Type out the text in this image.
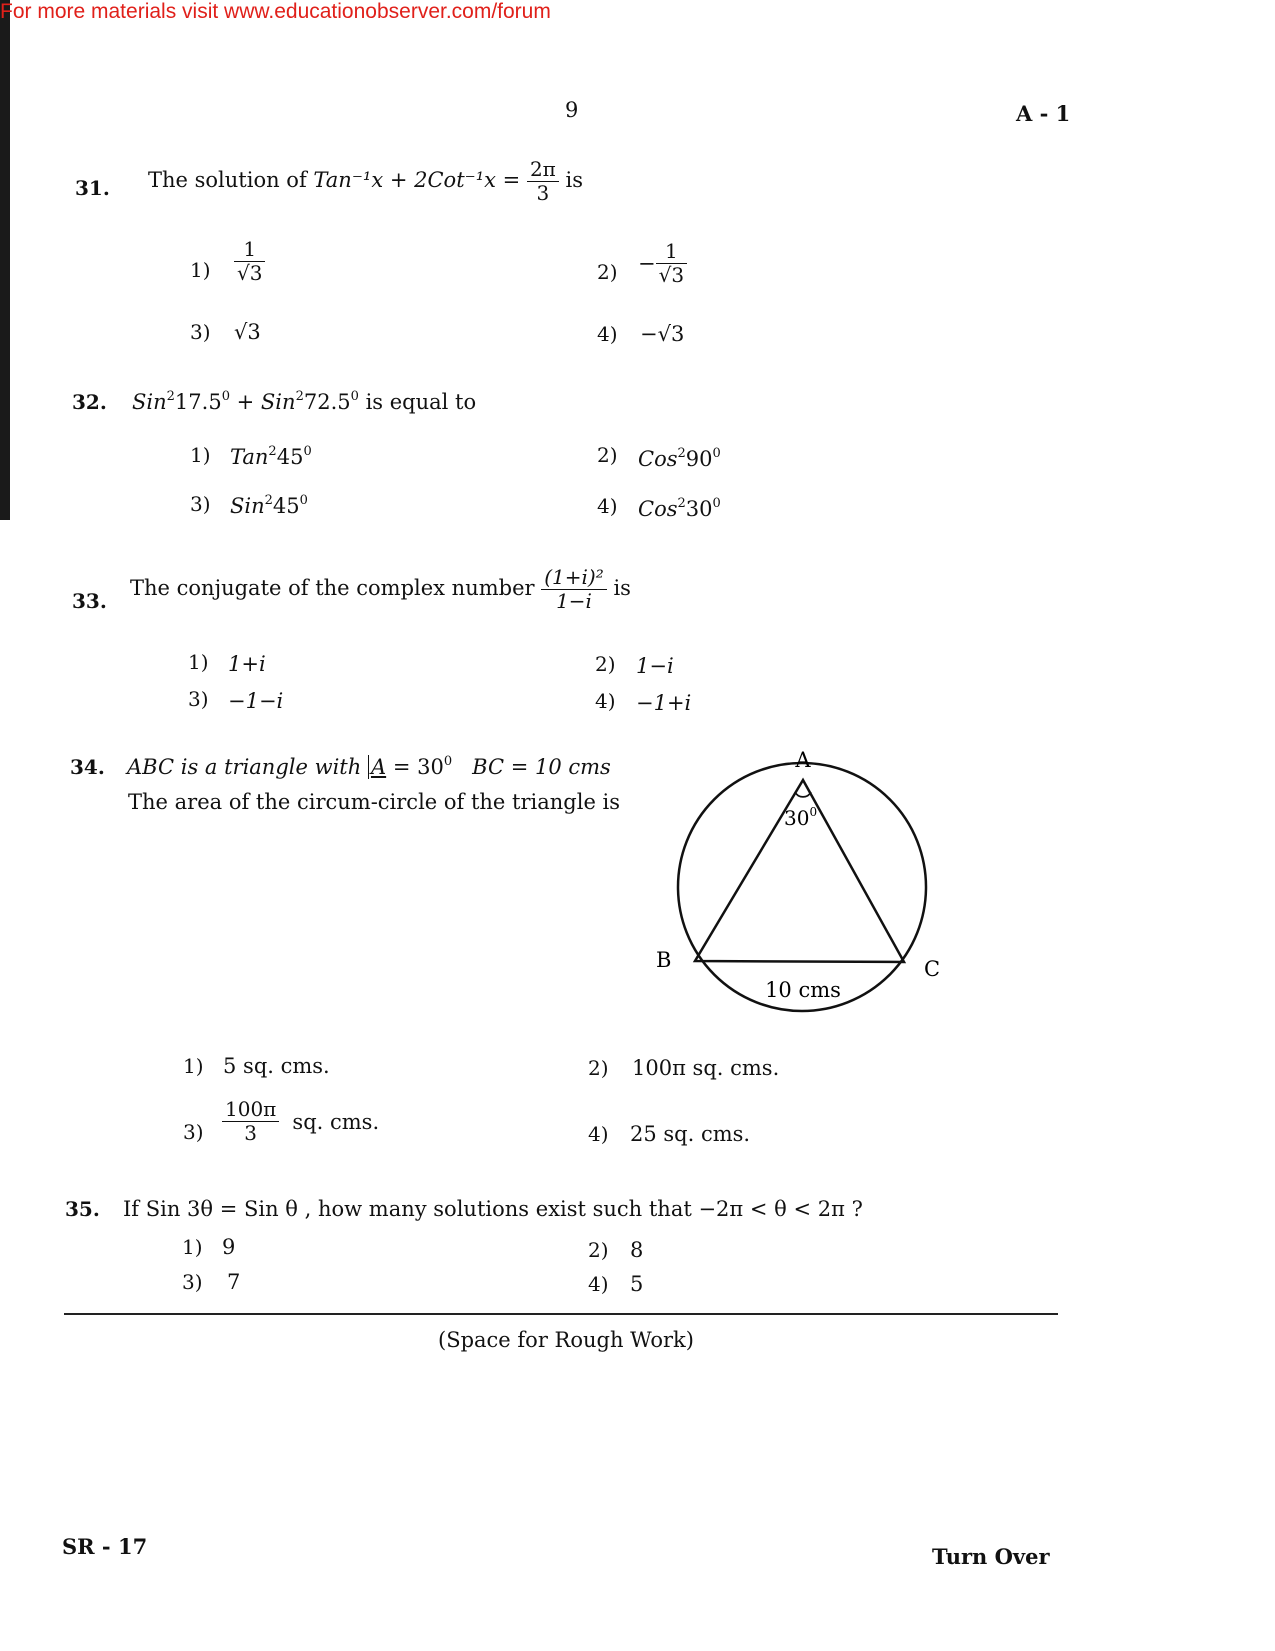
For more materials visit www.educationobserver.com/forum
9	A - 1
31. The solution of $Tan^{-1}x + 2Cot^{-1}x = \frac{2\pi}{3}$ is
$1) \frac{1}{√3}$	$2) - \frac{1}{√3}$
3) √3	4) −√3
32. $Sin^217.5^0 + Sin^272.5^0$ is equal to
1) $Tan^245^0$	2) $Cos^290^0$
3) $Sin^245^0$	4) $Cos^230^0$
33.
The conjugate of the complex number $\frac{\text{(1+i)²}}{1-i}$ is
1) 1+i	2) 1−i
3) −1−i	4) −1+i
34. ABC is a triangle with $A = 30^0$ BC = 10 cms
The area of the circum-circle of the triangle is
A
B	C
$30^0$
10 cms
1) 5 sq. cms.	2) 100π sq. cms.
$3) \frac{100\pi}{3}$ sq. cms.
4) 25 sq. cms.
35. If Sin 3θ = Sin θ , how many solutions exist such that −2π < θ < 2π ?
1) 9	2) 8
3) 7	4) 5
(Space for Rough Work)
SR - 17	Turn Over
